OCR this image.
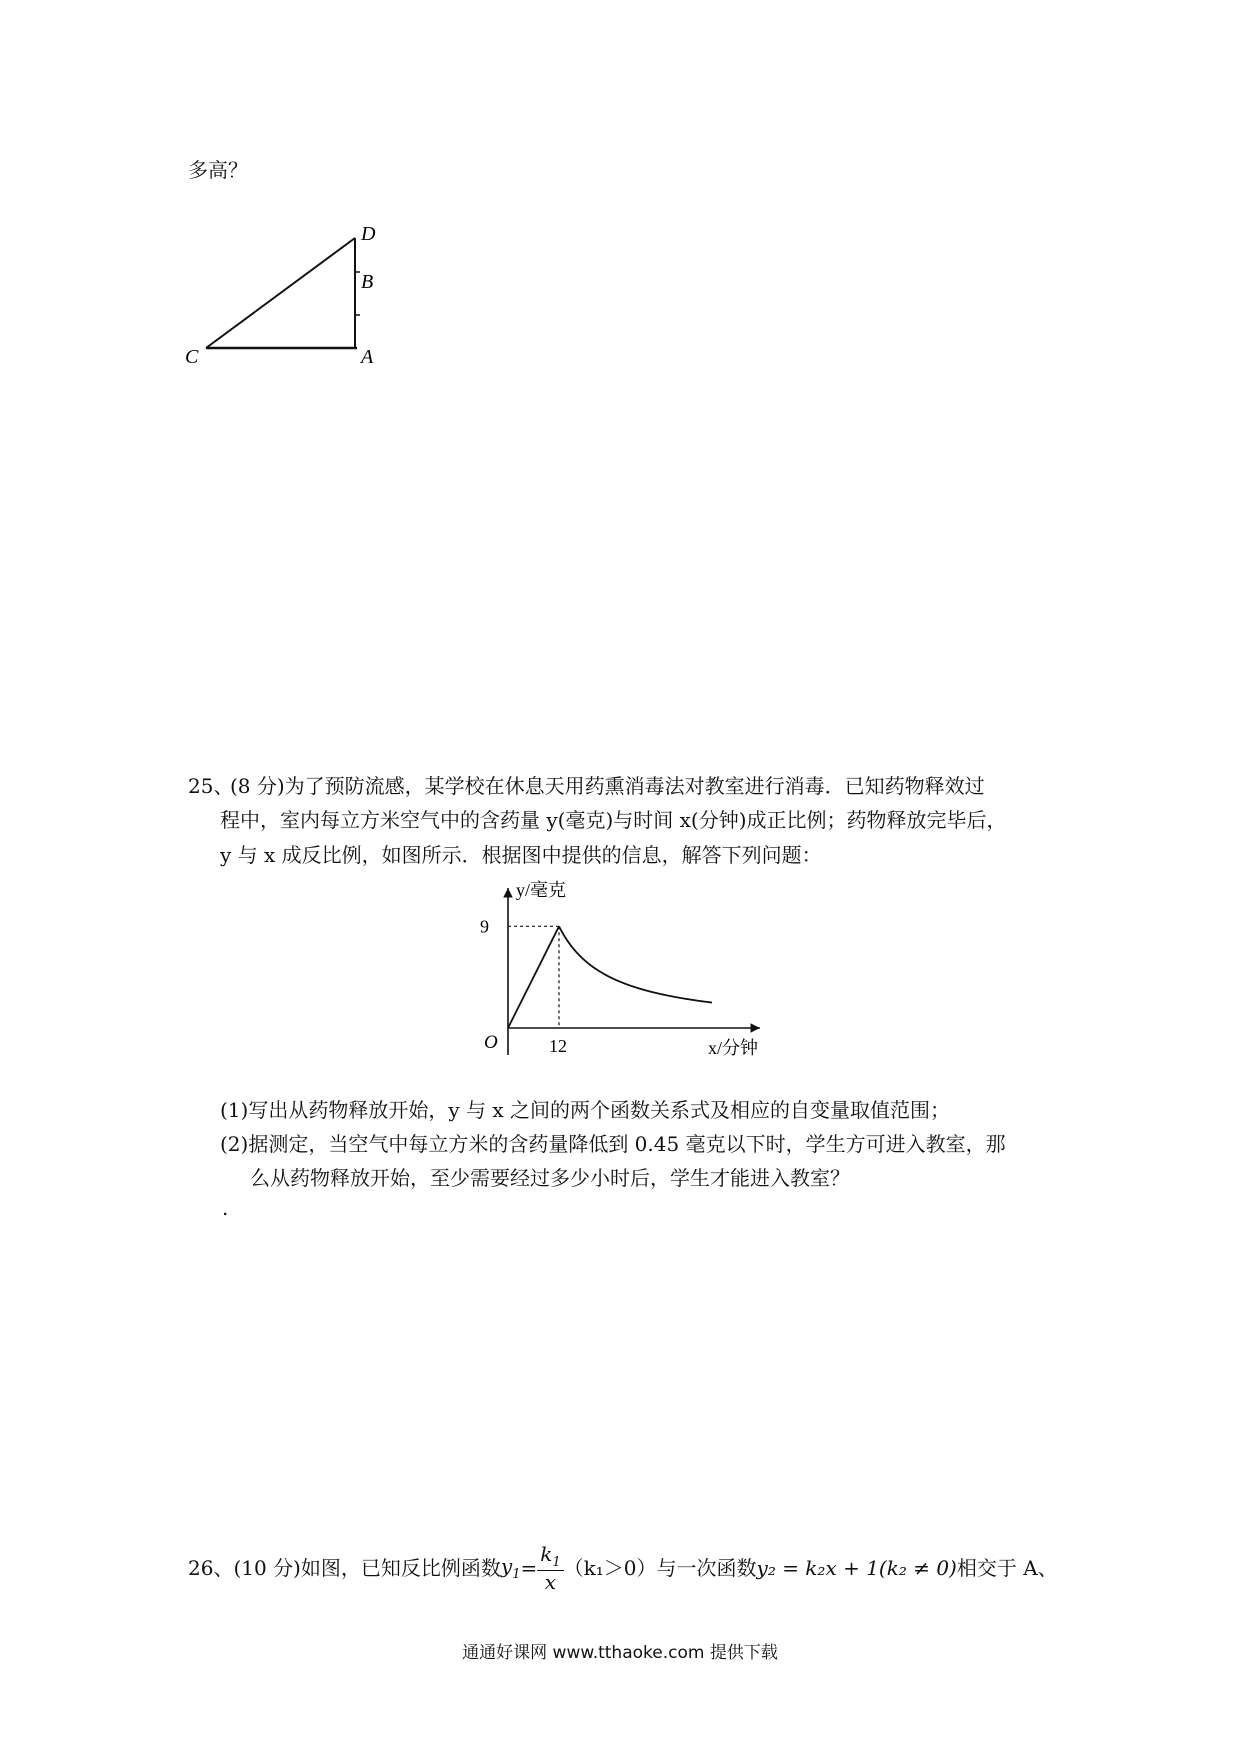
多高？
D
B
C	A
25、
(8 分)为了预防流感，某学校在休息天用药熏消毒法对教室进行消毒．已知药物释效过
程中，室内每立方米空气中的含药量 y(毫克)与时间 x(分钟)成正比例；药物释放完毕后，
y 与 x 成反比例，如图所示．根据图中提供的信息，解答下列问题：
y/毫克
x/分钟
O
9
12
(1)写出从药物释放开始，y 与 x 之间的两个函数关系式及相应的自变量取值范围；
(2)据测定，当空气中每立方米的含药量降低到 0.45 毫克以下时，学生方可进入教室，那
么从药物释放开始，至少需要经过多少小时后，学生才能进入教室？
.
26、 (10 分)如图，已知反比例函数 $y_1 = \frac{k_1}{x} (k_1>0)$与一次函数 y₂ = k₂x + 1(k₂ ≠ 0) 相交于 A、
通通好课网 www.tthaoke.com 提供下载
